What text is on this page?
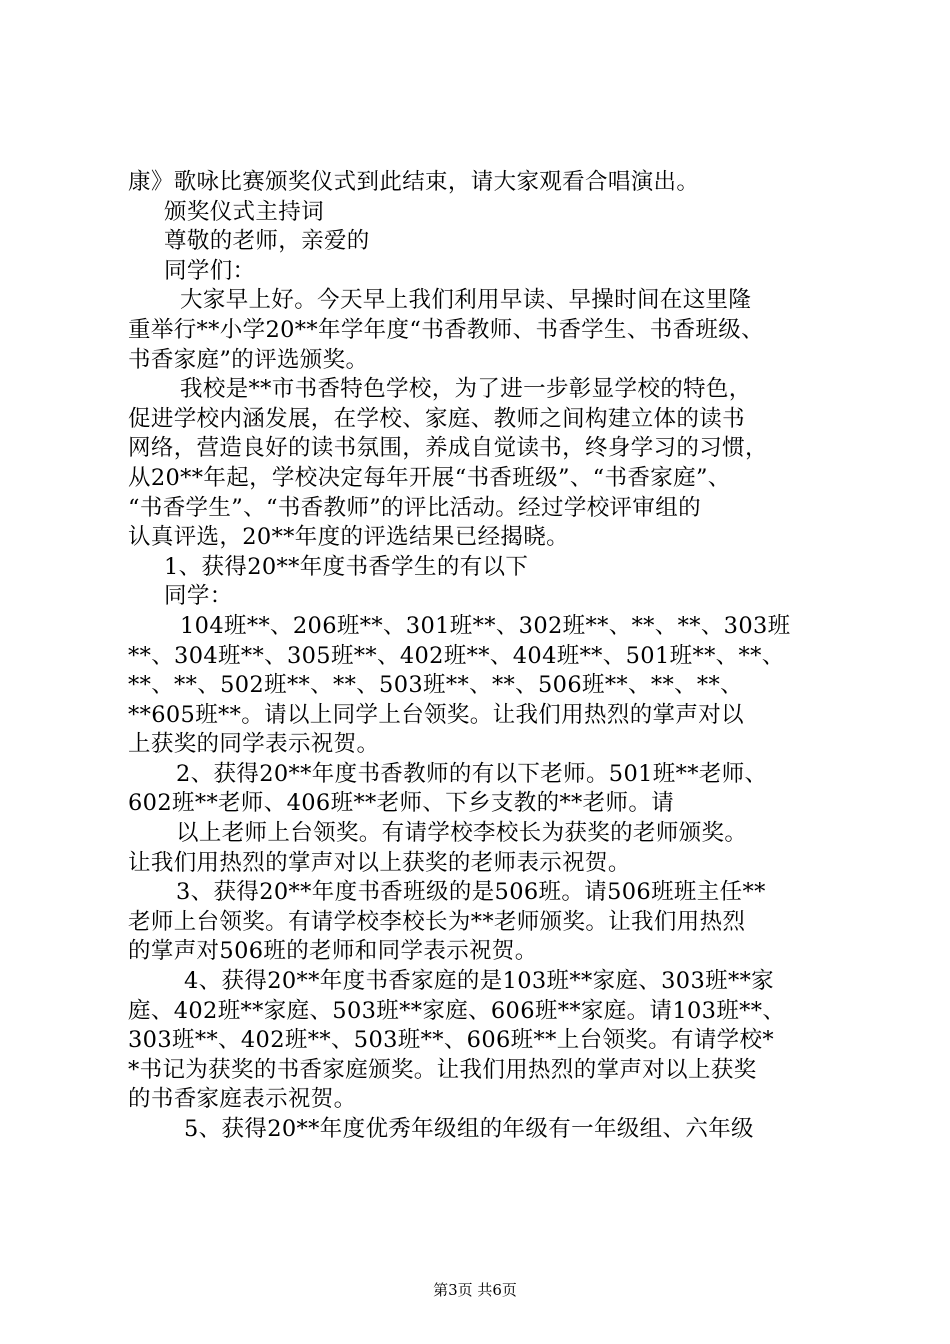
康》歌咏比赛颁奖仪式到此结束，请大家观看合唱演出。
颁奖仪式主持词
尊敬的老师，亲爱的
同学们：
大家早上好。今天早上我们利用早读、早操时间在这里隆
重举行**小学20**年学年度“书香教师、书香学生、书香班级、
书香家庭”的评选颁奖。
我校是**市书香特色学校，为了进一步彰显学校的特色，
促进学校内涵发展，在学校、家庭、教师之间构建立体的读书
网络，营造良好的读书氛围，养成自觉读书，终身学习的习惯，
从20**年起，学校决定每年开展“书香班级”、“书香家庭”、
“书香学生”、“书香教师”的评比活动。经过学校评审组的
认真评选，20**年度的评选结果已经揭晓。
1、获得20**年度书香学生的有以下
同学：
104班**、206班**、301班**、302班**、**、**、303班
**、304班**、305班**、402班**、404班**、501班**、**、
**、**、502班**、**、503班**、**、506班**、**、**、
**605班**。请以上同学上台领奖。让我们用热烈的掌声对以
上获奖的同学表示祝贺。
2、获得20**年度书香教师的有以下老师。501班**老师、
602班**老师、406班**老师、下乡支教的**老师。请
以上老师上台领奖。有请学校李校长为获奖的老师颁奖。
让我们用热烈的掌声对以上获奖的老师表示祝贺。
3、获得20**年度书香班级的是506班。请506班班主任**
老师上台领奖。有请学校李校长为**老师颁奖。让我们用热烈
的掌声对506班的老师和同学表示祝贺。
4、获得20**年度书香家庭的是103班**家庭、303班**家
庭、402班**家庭、503班**家庭、606班**家庭。请103班**、
303班**、402班**、503班**、606班**上台领奖。有请学校*
*书记为获奖的书香家庭颁奖。让我们用热烈的掌声对以上获奖
的书香家庭表示祝贺。
5、获得20**年度优秀年级组的年级有一年级组、六年级
第3页 共6页
